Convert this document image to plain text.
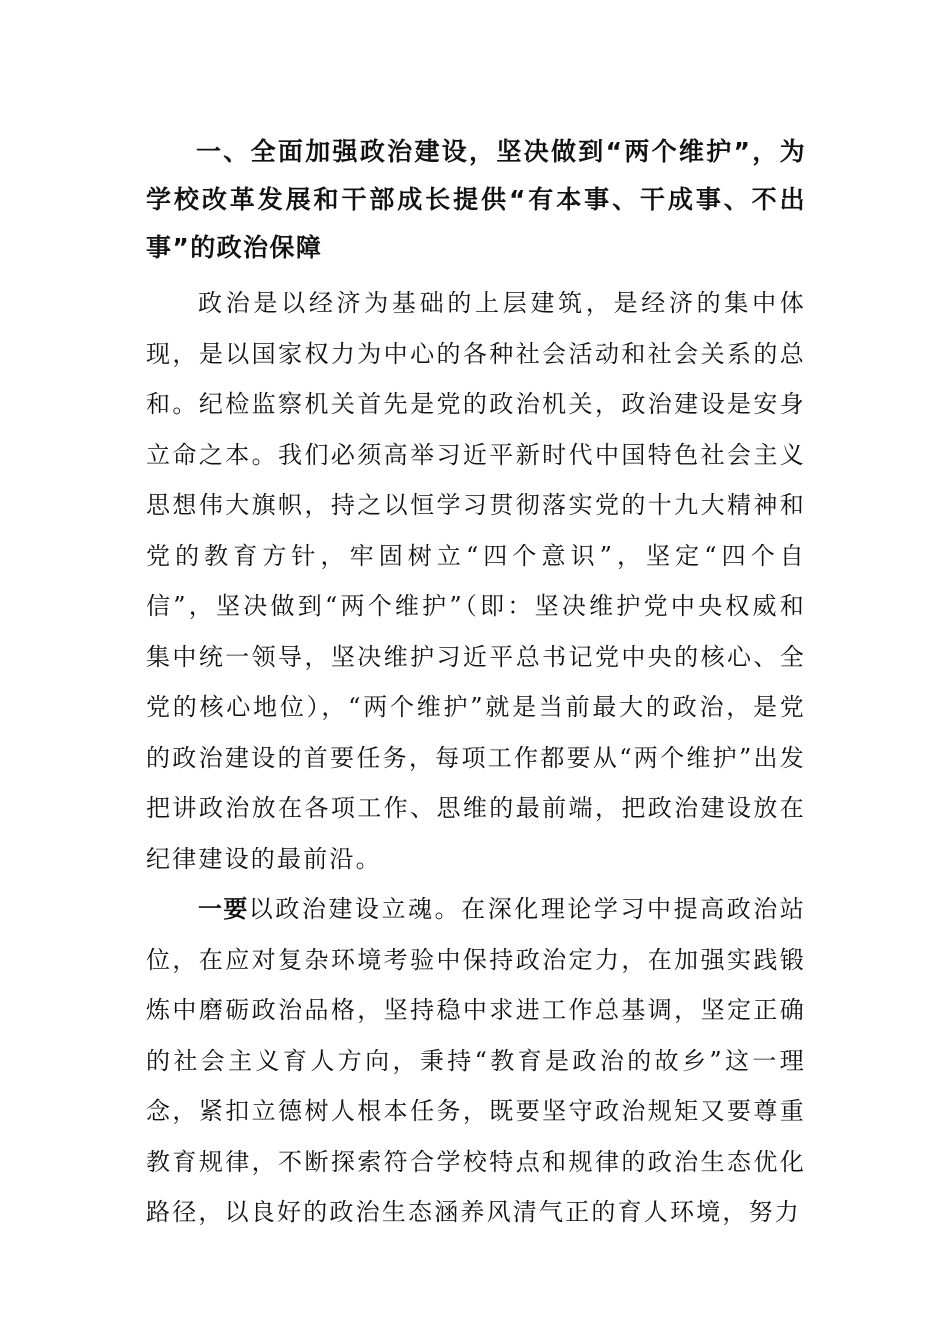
一、全面加强政治建设，坚决做到“两个维护”，为学校改革发展和干部成长提供“有本事、干成事、不出事”的政治保障

政治是以经济为基础的上层建筑，是经济的集中体现，是以国家权力为中心的各种社会活动和社会关系的总和。纪检监察机关首先是党的政治机关，政治建设是安身立命之本。我们必须高举习近平新时代中国特色社会主义思想伟大旗帜，持之以恒学习贯彻落实党的十九大精神和党的教育方针，牢固树立“四个意识”，坚定“四个自信”，坚决做到“两个维护”（即：坚决维护党中央权威和集中统一领导，坚决维护习近平总书记党中央的核心、全党的核心地位），“两个维护”就是当前最大的政治，是党的政治建设的首要任务，每项工作都要从“两个维护”出发把讲政治放在各项工作、思维的最前端，把政治建设放在纪律建设的最前沿。

一要以政治建设立魂。在深化理论学习中提高政治站位，在应对复杂环境考验中保持政治定力，在加强实践锻炼中磨砺政治品格，坚持稳中求进工作总基调，坚定正确的社会主义育人方向，秉持“教育是政治的故乡”这一理念，紧扣立德树人根本任务，既要坚守政治规矩又要尊重教育规律，不断探索符合学校特点和规律的政治生态优化路径，以良好的政治生态涵养风清气正的育人环境，努力
